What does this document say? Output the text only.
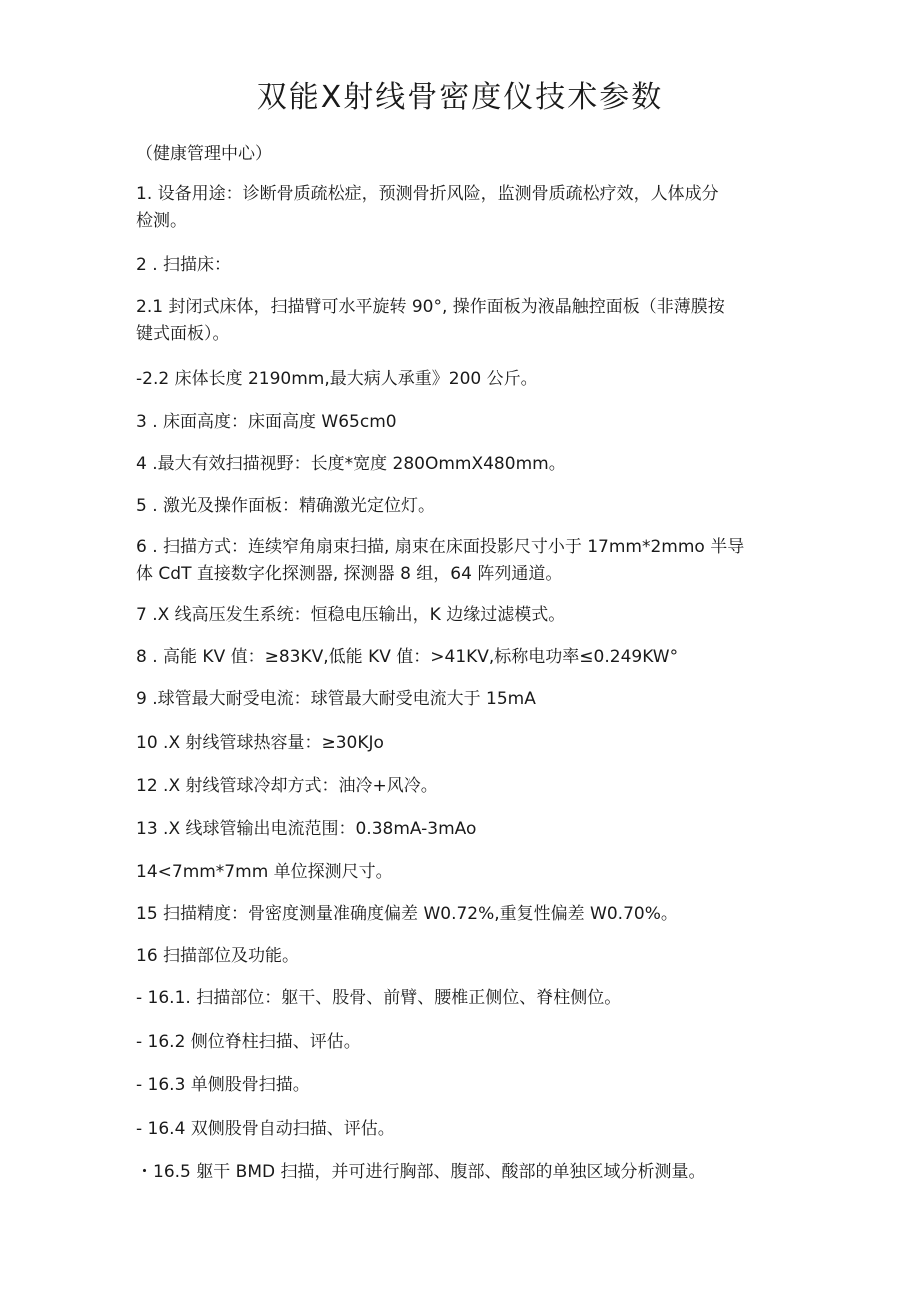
双能X射线骨密度仪技术参数
（健康管理中心）
1. 设备用途：诊断骨质疏松症，预测骨折风险，监测骨质疏松疗效，人体成分
检测。
2 . 扫描床：
2.1 封闭式床体，扫描臂可水平旋转 90°, 操作面板为液晶触控面板（非薄膜按
键式面板）。
-2.2 床体长度 2190mm,最大病人承重》200 公斤。
3 . 床面高度：床面高度 W65cm0
4 .最大有效扫描视野：长度*宽度 280OmmX480mm。
5 . 激光及操作面板：精确激光定位灯。
6 . 扫描方式：连续窄角扇束扫描, 扇束在床面投影尺寸小于 17mm*2mmo 半导
体 CdT 直接数字化探测器, 探测器 8 组，64 阵列通道。
7 .X 线高压发生系统：恒稳电压输出，K 边缘过滤模式。
8 . 高能 KV 值：≥83KV,低能 KV 值：>41KV,标称电功率≤0.249KW°
9 .球管最大耐受电流：球管最大耐受电流大于 15mA
10 .X 射线管球热容量：≥30KJo
12 .X 射线管球冷却方式：油冷+风冷。
13 .X 线球管输出电流范围：0.38mA-3mAo
14<7mm*7mm 单位探测尺寸。
15 扫描精度：骨密度测量准确度偏差 W0.72%,重复性偏差 W0.70%。
16 扫描部位及功能。
- 16.1. 扫描部位：躯干、股骨、前臂、腰椎正侧位、脊柱侧位。
- 16.2 侧位脊柱扫描、评估。
- 16.3 单侧股骨扫描。
- 16.4 双侧股骨自动扫描、评估。
・16.5 躯干 BMD 扫描，并可进行胸部、腹部、酸部的单独区域分析测量。
